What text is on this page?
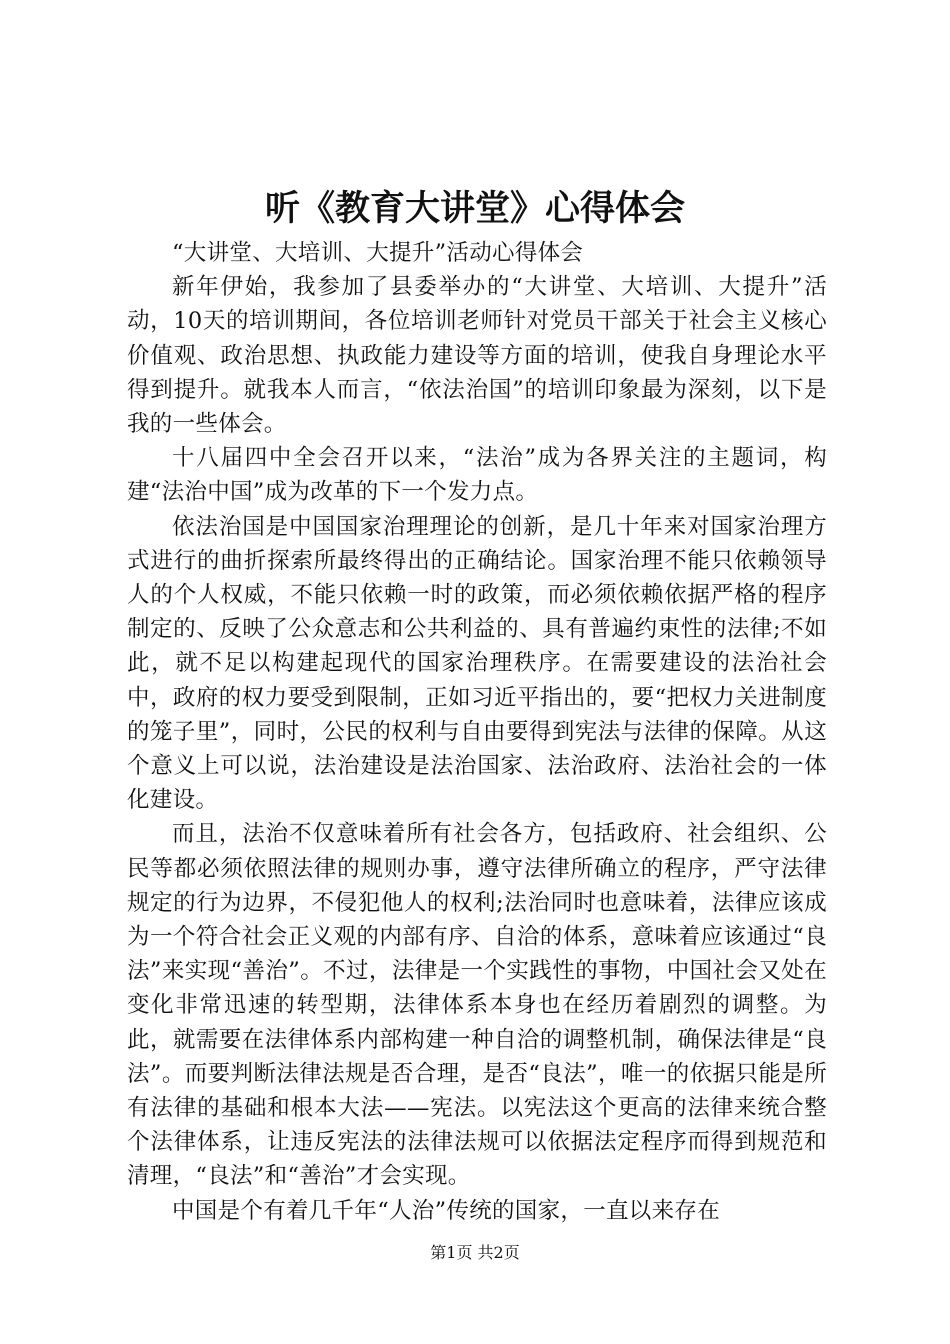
听《教育大讲堂》心得体会

“大讲堂、大培训、大提升”活动心得体会

新年伊始，我参加了县委举办的“大讲堂、大培训、大提升”活动，10天的培训期间，各位培训老师针对党员干部关于社会主义核心价值观、政治思想、执政能力建设等方面的培训，使我自身理论水平得到提升。就我本人而言，“依法治国”的培训印象最为深刻，以下是我的一些体会。

十八届四中全会召开以来，“法治”成为各界关注的主题词，构建“法治中国”成为改革的下一个发力点。

依法治国是中国国家治理理论的创新，是几十年来对国家治理方式进行的曲折探索所最终得出的正确结论。国家治理不能只依赖领导人的个人权威，不能只依赖一时的政策，而必须依赖依据严格的程序制定的、反映了公众意志和公共利益的、具有普遍约束性的法律;不如此，就不足以构建起现代的国家治理秩序。在需要建设的法治社会中，政府的权力要受到限制，正如习近平指出的，要“把权力关进制度的笼子里”，同时，公民的权利与自由要得到宪法与法律的保障。从这个意义上可以说，法治建设是法治国家、法治政府、法治社会的一体化建设。

而且，法治不仅意味着所有社会各方，包括政府、社会组织、公民等都必须依照法律的规则办事，遵守法律所确立的程序，严守法律规定的行为边界，不侵犯他人的权利;法治同时也意味着，法律应该成为一个符合社会正义观的内部有序、自洽的体系，意味着应该通过“良法”来实现“善治”。不过，法律是一个实践性的事物，中国社会又处在变化非常迅速的转型期，法律体系本身也在经历着剧烈的调整。为此，就需要在法律体系内部构建一种自洽的调整机制，确保法律是“良法”。而要判断法律法规是否合理，是否“良法”，唯一的依据只能是所有法律的基础和根本大法——宪法。以宪法这个更高的法律来统合整个法律体系，让违反宪法的法律法规可以依据法定程序而得到规范和清理，“良法”和“善治”才会实现。

中国是个有着几千年“人治”传统的国家，一直以来存在

第1页 共2页
